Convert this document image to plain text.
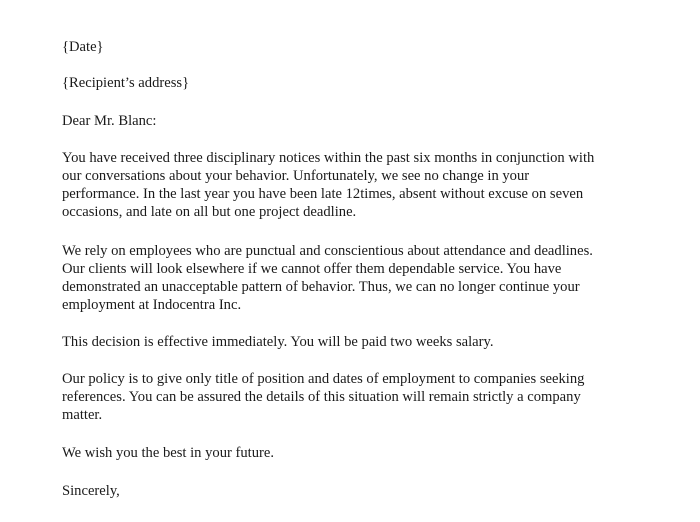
{Date}
{Recipient’s address}
Dear Mr. Blanc:
You have received three disciplinary notices within the past six months in conjunction with
our conversations about your behavior. Unfortunately, we see no change in your
performance. In the last year you have been late 12times, absent without excuse on seven
occasions, and late on all but one project deadline.
We rely on employees who are punctual and conscientious about attendance and deadlines.
Our clients will look elsewhere if we cannot offer them dependable service. You have
demonstrated an unacceptable pattern of behavior. Thus, we can no longer continue your
employment at Indocentra Inc.
This decision is effective immediately. You will be paid two weeks salary.
Our policy is to give only title of position and dates of employment to companies seeking
references. You can be assured the details of this situation will remain strictly a company
matter.
We wish you the best in your future.
Sincerely,
